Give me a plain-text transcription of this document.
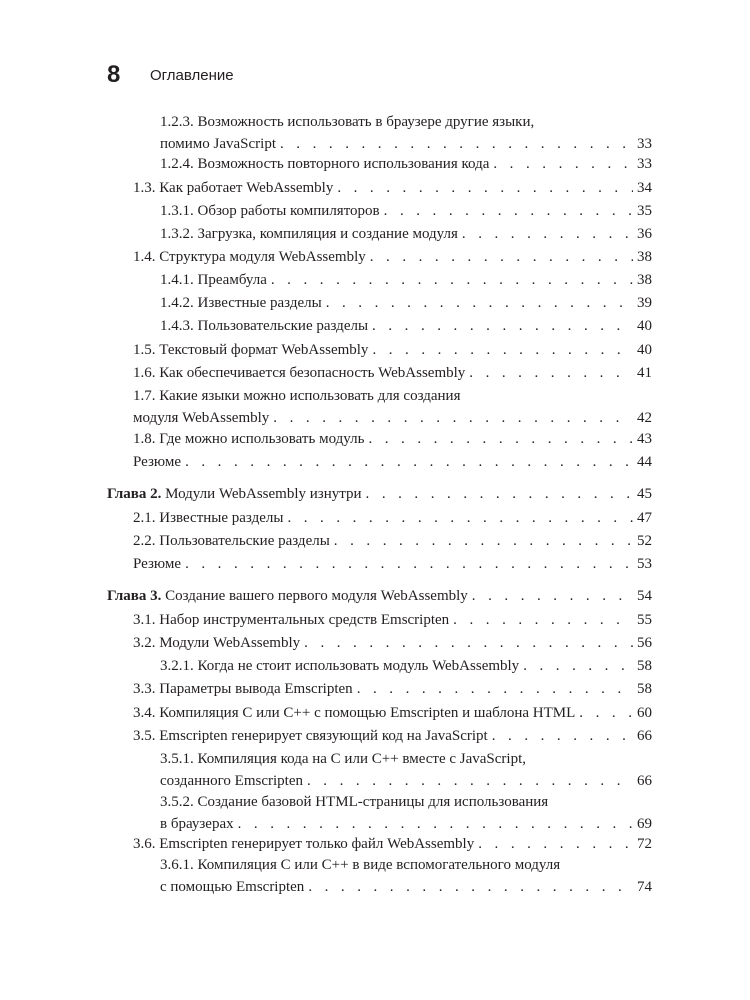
8 Оглавление
1.2.3. Возможность использовать в браузере другие языки,
помимо JavaScript . . .	33
1.2.4. Возможность повторного использования кода . . .	33
1.3. Как работает WebAssembly . . .	34
1.3.1. Обзор работы компиляторов . . .	35
1.3.2. Загрузка, компиляция и создание модуля . . .	36
1.4. Структура модуля WebAssembly . . .	38
1.4.1. Преамбула . . .	38
1.4.2. Известные разделы . . .	39
1.4.3. Пользовательские разделы . . .	40
1.5. Текстовый формат WebAssembly . . .	40
1.6. Как обеспечивается безопасность WebAssembly . . .	41
1.7. Какие языки можно использовать для создания
модуля WebAssembly . . .	42
1.8. Где можно использовать модуль . . .	43
Резюме . . .	44
Глава 2. Модули WebAssembly изнутри . . .	45
2.1. Известные разделы . . .	47
2.2. Пользовательские разделы . . .	52
Резюме . . .	53
Глава 3. Создание вашего первого модуля WebAssembly . . .	54
3.1. Набор инструментальных средств Emscripten . . .	55
3.2. Модули WebAssembly . . .	56
3.2.1. Когда не стоит использовать модуль WebAssembly . . .	58
3.3. Параметры вывода Emscripten . . .	58
3.4. Компиляция C или C++ с помощью Emscripten и шаблона HTML . . .	60
3.5. Emscripten генерирует связующий код на JavaScript . . .	66
3.5.1. Компиляция кода на C или C++ вместе с JavaScript,
созданного Emscripten . . .	66
3.5.2. Создание базовой HTML-страницы для использования
в браузерах . . .	69
3.6. Emscripten генерирует только файл WebAssembly . . .	72
3.6.1. Компиляция C или C++ в виде вспомогательного модуля
с помощью Emscripten . . .	74
